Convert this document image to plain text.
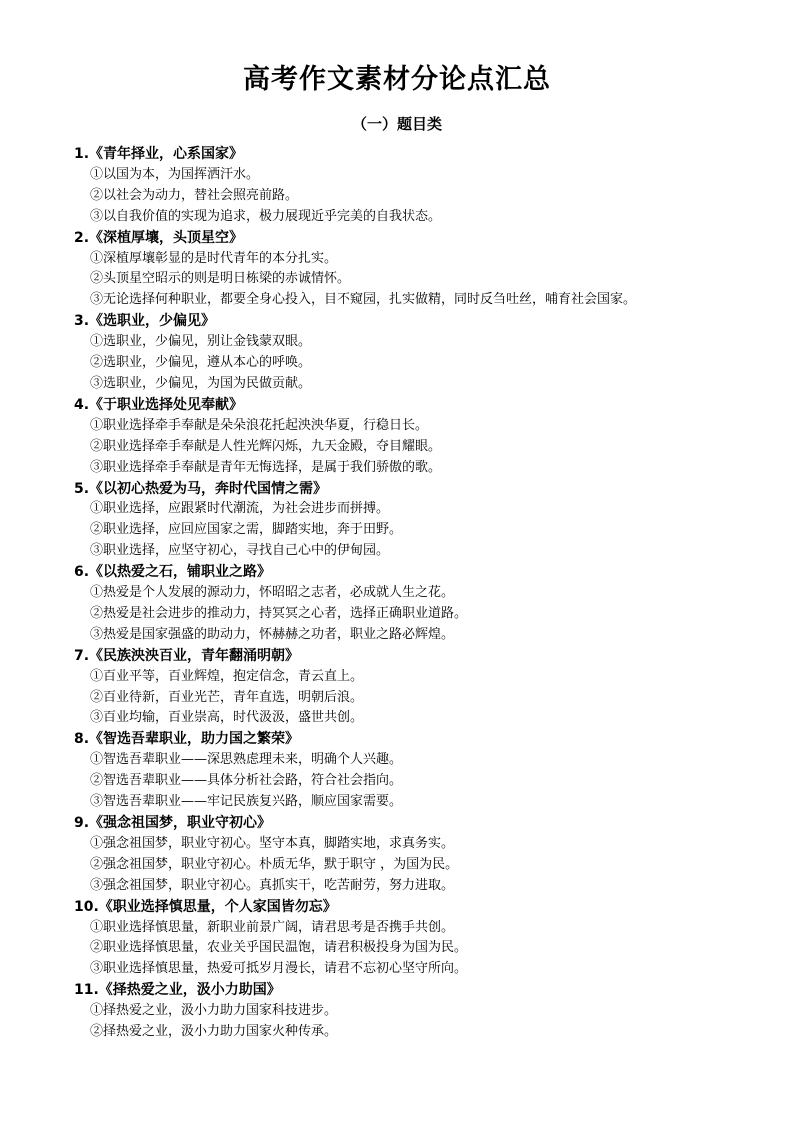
高考作文素材分论点汇总
（一）题目类

1.《青年择业，心系国家》

①以国为本，为国挥洒汗水。

②以社会为动力，替社会照亮前路。

③以自我价值的实现为追求，极力展现近乎完美的自我状态。

2.《深植厚壤，头顶星空》

①深植厚壤彰显的是时代青年的本分扎实。

②头顶星空昭示的则是明日栋梁的赤诚情怀。

③无论选择何种职业，都要全身心投入，目不窥园，扎实做精，同时反刍吐丝，哺育社会国家。

3.《选职业，少偏见》

①选职业，少偏见，别让金钱蒙双眼。

②选职业，少偏见，遵从本心的呼唤。

③选职业，少偏见，为国为民做贡献。

4.《于职业选择处见奉献》

①职业选择牵手奉献是朵朵浪花托起泱泱华夏，行稳日长。

②职业选择牵手奉献是人性光辉闪烁，九天金殿，夺目耀眼。

③职业选择牵手奉献是青年无悔选择，是属于我们骄傲的歌。

5.《以初心热爱为马，奔时代国情之需》

①职业选择，应跟紧时代潮流，为社会进步而拼搏。

②职业选择，应回应国家之需，脚踏实地，奔于田野。

③职业选择，应坚守初心，寻找自己心中的伊甸园。

6.《以热爱之石，铺职业之路》

①热爱是个人发展的源动力，怀昭昭之志者，必成就人生之花。

②热爱是社会进步的推动力，持冥冥之心者，选择正确职业道路。

③热爱是国家强盛的助动力，怀赫赫之功者，职业之路必辉煌。

7.《民族泱泱百业，青年翻涌明朝》

①百业平等，百业辉煌，抱定信念，青云直上。

②百业待新，百业光芒，青年直选，明朝后浪。

③百业均输，百业崇高，时代汲汲，盛世共创。

8.《智选吾辈职业，助力国之繁荣》

①智选吾辈职业——深思熟虑理未来，明确个人兴趣。

②智选吾辈职业——具体分析社会路，符合社会指向。

③智选吾辈职业——牢记民族复兴路，顺应国家需要。

9.《强念祖国梦，职业守初心》

①强念祖国梦，职业守初心。坚守本真，脚踏实地，求真务实。

②强念祖国梦，职业守初心。朴质无华，默于职守 ，为国为民。

③强念祖国梦，职业守初心。真抓实干，吃苦耐劳，努力进取。

10.《职业选择慎思量，个人家国皆勿忘》

①职业选择慎思量，新职业前景广阔，请君思考是否携手共创。

②职业选择慎思量，农业关乎国民温饱，请君积极投身为国为民。

③职业选择慎思量，热爱可抵岁月漫长，请君不忘初心坚守所向。

11.《择热爱之业，汲小力助国》

①择热爱之业，汲小力助力国家科技进步。

②择热爱之业，汲小力助力国家火种传承。
